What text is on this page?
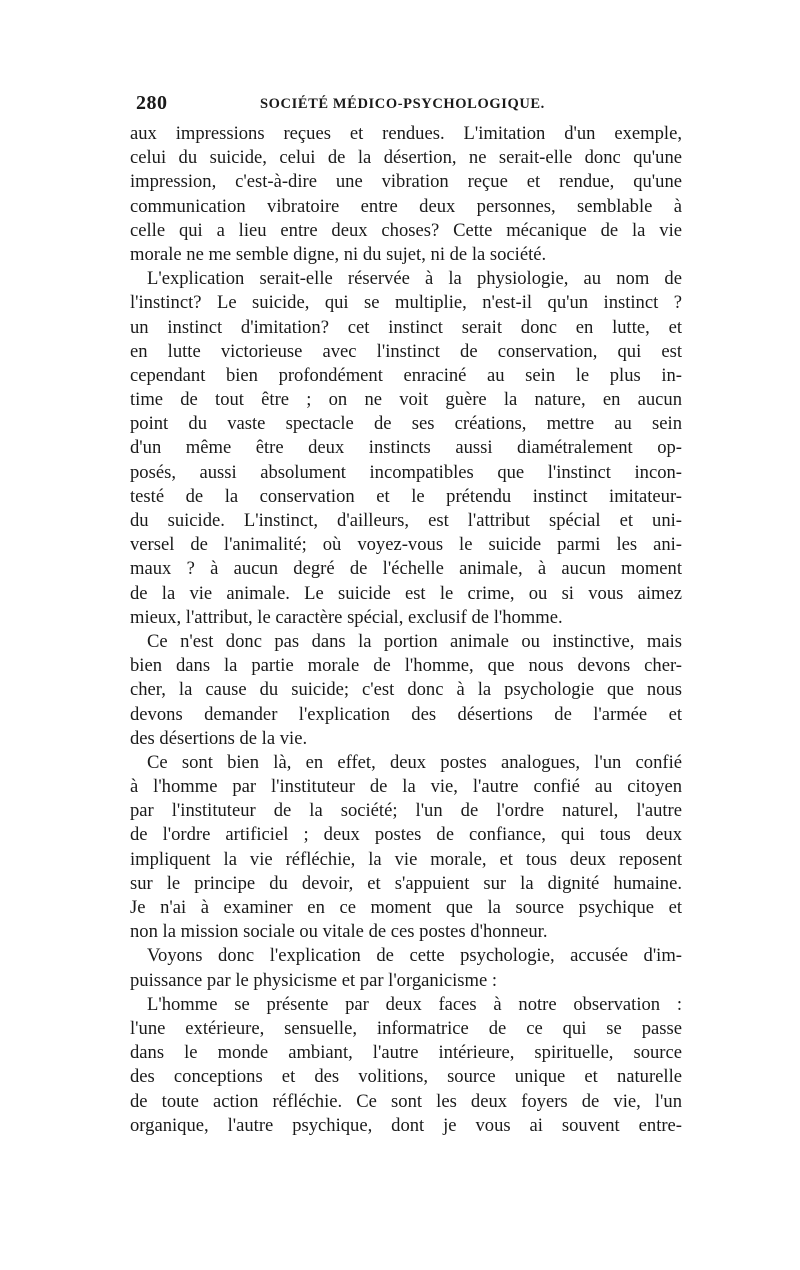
280	SOCIÉTÉ MÉDICO-PSYCHOLOGIQUE.
aux impressions reçues et rendues. L'imitation d'un exemple,
celui du suicide, celui de la désertion, ne serait-elle donc qu'une
impression, c'est-à-dire une vibration reçue et rendue, qu'une
communication vibratoire entre deux personnes, semblable à
celle qui a lieu entre deux choses? Cette mécanique de la vie
morale ne me semble digne, ni du sujet, ni de la société.
L'explication serait-elle réservée à la physiologie, au nom de
l'instinct? Le suicide, qui se multiplie, n'est-il qu'un instinct ?
un instinct d'imitation? cet instinct serait donc en lutte, et
en lutte victorieuse avec l'instinct de conservation, qui est
cependant bien profondément enraciné au sein le plus in-
time de tout être ; on ne voit guère la nature, en aucun
point du vaste spectacle de ses créations, mettre au sein
d'un même être deux instincts aussi diamétralement op-
posés, aussi absolument incompatibles que l'instinct incon-
testé de la conservation et le prétendu instinct imitateur-
du suicide. L'instinct, d'ailleurs, est l'attribut spécial et uni-
versel de l'animalité; où voyez-vous le suicide parmi les ani-
maux ? à aucun degré de l'échelle animale, à aucun moment
de la vie animale. Le suicide est le crime, ou si vous aimez
mieux, l'attribut, le caractère spécial, exclusif de l'homme.
Ce n'est donc pas dans la portion animale ou instinctive, mais
bien dans la partie morale de l'homme, que nous devons cher-
cher, la cause du suicide; c'est donc à la psychologie que nous
devons demander l'explication des désertions de l'armée et
des désertions de la vie.
Ce sont bien là, en effet, deux postes analogues, l'un confié
à l'homme par l'instituteur de la vie, l'autre confié au citoyen
par l'instituteur de la société; l'un de l'ordre naturel, l'autre
de l'ordre artificiel ; deux postes de confiance, qui tous deux
impliquent la vie réfléchie, la vie morale, et tous deux reposent
sur le principe du devoir, et s'appuient sur la dignité humaine.
Je n'ai à examiner en ce moment que la source psychique et
non la mission sociale ou vitale de ces postes d'honneur.
Voyons donc l'explication de cette psychologie, accusée d'im-
puissance par le physicisme et par l'organicisme :
L'homme se présente par deux faces à notre observation :
l'une extérieure, sensuelle, informatrice de ce qui se passe
dans le monde ambiant, l'autre intérieure, spirituelle, source
des conceptions et des volitions, source unique et naturelle
de toute action réfléchie. Ce sont les deux foyers de vie, l'un
organique, l'autre psychique, dont je vous ai souvent entre-
